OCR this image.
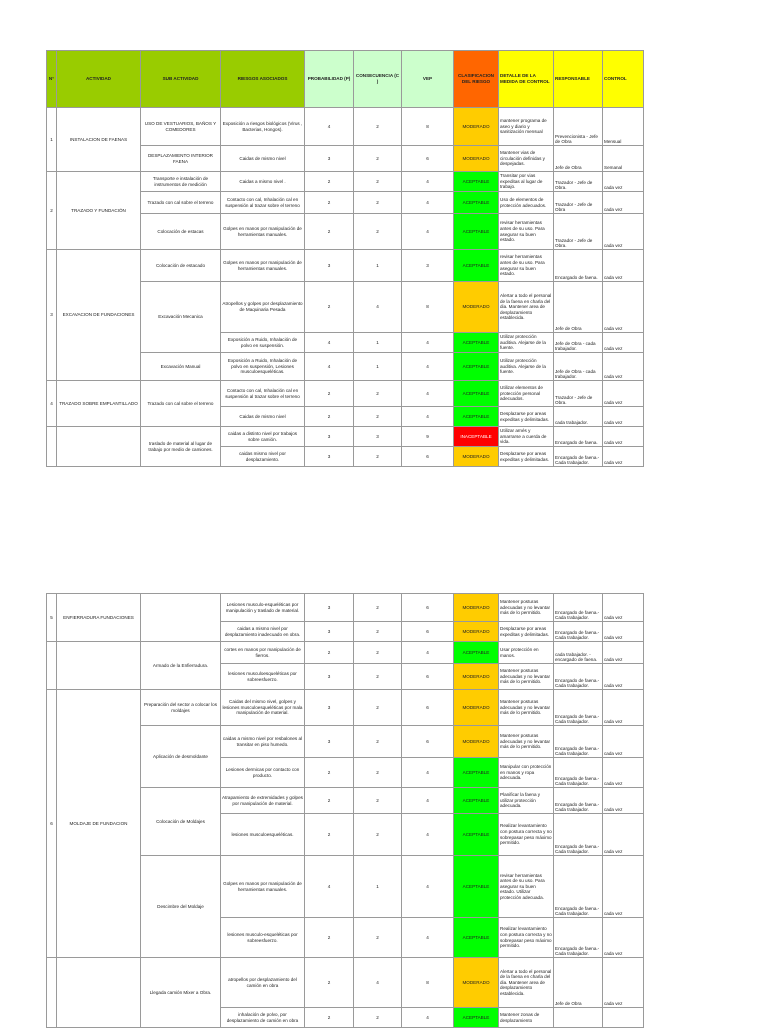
N°	ACTIVIDAD	SUB ACTIVIDAD	RIESGOS ASOCIADOS	PROBABILIDAD (P)	CONSECUENCIA (C )	VEP	CLASIFICACION DEL RIESGO	DETALLE DE LA MEDIDA DE CONTROL	RESPONSABLE	CONTROL
1	INSTALACION DE FAENAS	USO DE VESTUARIOS, BAÑOS Y COMEDORES	Exposición a riesgos biológicos (Virus , Bacterias, Hongos).	4	2	8	MODERADO	mantener programa de aseo y diario y sanitización mensual	Prevencionista - Jefe de Obra	Mensual
		DESPLAZAMIENTO INTERIOR FAENA	Caidas de mismo nivel	3	2	6	MODERADO	Mantener vias de circulación definidas y despejadas.	Jefe de Obra	Semanal
2	TRAZADO Y FUNDACIÓN	Transporte e instalación de instrumentos de medición	Caidas a mismo nivel .	2	2	4	ACEPTABLE	Transitar por vias expeditas al lugar de trabajo.	Trazador - Jefe de Obra.	cada vez
		Trazado con cal sobre el terreno	Contacto con cal, Inhalación cal en suspensión al trazar sobre el terreno	2	2	4	ACEPTABLE	Uso de elementos de protección adecuados.	Trazador - Jefe de Obra	cada vez
		Colocación de estacas	Golpes en manos por manipulación de herramientas manuales.	2	2	4	ACEPTABLE	revisar herramientas antes de su uso. Para asegurar su buen estado.	Trazador - Jefe de Obra.	cada vez
3	EXCAVACION DE FUNDACIONES	Colocación de estacado	Golpes en manos por manipulación de herramientas manuales.	3	1	3	ACEPTABLE	revisar herramientas antes de su uso. Para asegurar su buen estado.	Encargado de faena.	cada vez
		Excavación Mecanica	Atropellos y golpes por desplazamiento de Maquinaria Pesada	2	4	8	MODERADO	Alertar a todo el personal de la faena en charla del dia. Mantener area de desplazamiento establecida.	Jefe de Obra	cada vez
			Exposición a Ruido, Inhalación de polvo en suspensión.	4	1	4	ACEPTABLE	Utilizar protección auditiva. Alejarse de la fuente.	Jefe de Obra - cada trabajador.	cada vez
		Excavación Manual	Exposición a Ruido, Inhalación de polvo en suspensión, Lesiones musculoesqueléticas.	4	1	4	ACEPTABLE	Utilizar protección auditiva. Alejarse de la fuente.	Jefe de Obra - cada trabajador.	cada vez
4	TRAZADO SOBRE EMPLANTILLADO	Trazado con cal sobre el terreno	Contacto con cal, Inhalación cal en suspensión al trazar sobre el terreno	2	2	4	ACEPTABLE	Utilizar elementos de protección personal adecuados.	Trazador - Jefe de Obra.	cada vez
			Caidas de mismo nivel	2	2	4	ACEPTABLE	Desplazarse por areas expeditas y delimitadas.	cada trabajador.	cada vez
		traslado de material al lugar de trabajo por medio de camiones.	caidas a distinto nivel por trabajos sobre camión.	3	3	9	INACEPTABLE	Utilizar arnés y amarrarse a cuerda de vida.	Encargado de faena.	cada vez
			caidas mismo nivel por desplazamiento.	3	2	6	MODERADO	Desplazarse por areas expeditas y delimitadas.	Encargado de faena.- Cada trabajador.	cada vez
5	ENFIERRADURA FUNDACIONES		Lesiones musculo-esqueléticas por manipulación y traslado de material.	3	2	6	MODERADO	Mantener posturas adecuadas y no levantar más de lo permitido.	Encargado de faena.- Cada trabajador.	cada vez
			caidas a mismo nivel por desplazamiento inadecuado en obra.	3	2	6	MODERADO	Desplazarse por areas expeditas y delimitadas.	Encargado de faena.- Cada trabajador.	cada vez
		Armado de la Enfierradura.	cortes en manos por manipulación de fierros.	2	2	4	ACEPTABLE	Usar protección en manos.	cada trabajador. - encargado de faena.	cada vez
			lesiones musculoesqueléticas por sobreesfuerzo.	3	2	6	MODERADO	Mantener posturas adecuadas y no levantar más de lo permitido.	Encargado de faena.- Cada trabajador.	cada vez
6	MOLDAJE DE FUNDACION	Preparación del sector a colocar los moldajes	Caidas del mismo nivel, golpes y lesiones musculoesqueléticas por mala manipulación de material.	3	2	6	MODERADO	Mantener posturas adecuadas y no levantar más de lo permitido.	Encargado de faena.- Cada trabajador.	cada vez
		Aplicación de desmoldante	caidas a mismo nivel por resbalones al transitar en piso humedo.	3	2	6	MODERADO	Mantener posturas adecuadas y no levantar más de lo permitido.	Encargado de faena.- Cada trabajador.	cada vez
			Lesiones dermicas por contacto con producto.	2	2	4	ACEPTABLE	Manipular con protección en manos y ropa adecuada.	Encargado de faena.- Cada trabajador.	cada vez
		Colocación de Moldajes	Atrapamiento de extremidades y golpes por manipulación de material.	2	2	4	ACEPTABLE	Planificar la faena y utilizar protección adecuada.	Encargado de faena.- Cada trabajador.	cada vez
			lesiones musculoesqueléticas.	2	2	4	ACEPTABLE	Realizar levantamiento con postura correcta y no sobrepasar peso máximo permitido.	Encargado de faena.- Cada trabajador.	cada vez
		Descimbre del Moldaje	Golpes en manos por manipulación de herramientas manuales.	4	1	4	ACEPTABLE	revisar herramientas antes de su uso. Para asegurar su buen estado. Utilizar protección adecuada.	Encargado de faena.- Cada trabajador.	cada vez
			lesiones musculo-esqueléticas por sobreesfuerzo.	2	2	4	ACEPTABLE	Realizar levantamiento con postura correcta y no sobrepasar peso máximo permitido.	Encargado de faena.- Cada trabajador.	cada vez
		Llegada camión Mixer a Obra.	atropellos por desplazamiento del camión en obra	2	4	8	MODERADO	Alertar a todo el personal de la faena en charla del dia. Mantener area de desplazamiento establecida.	Jefe de Obra	cada vez
			inhalación de polvo, por desplazamiento de camión en obra	2	2	4	ACEPTABLE	Mantener zonas de desplazamiento		
